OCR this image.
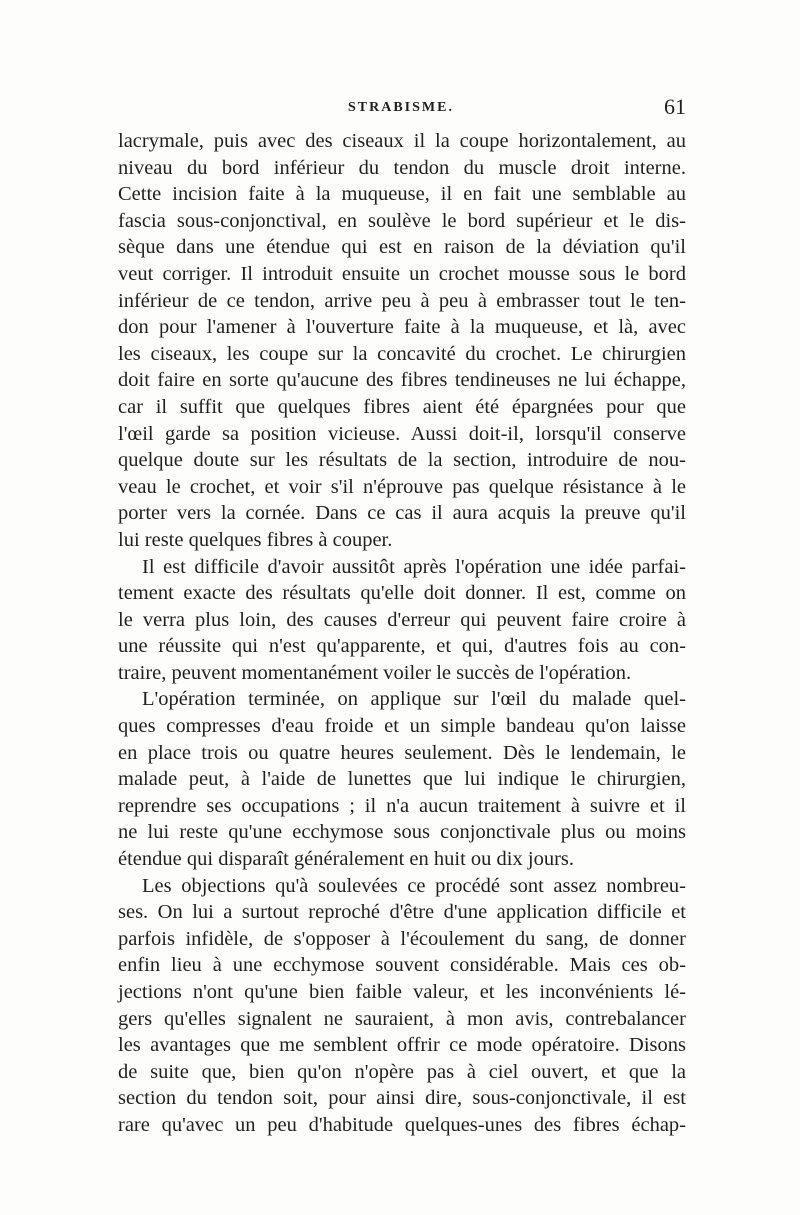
STRABISME.	61
lacrymale, puis avec des ciseaux il la coupe horizontalement, au
niveau du bord inférieur du tendon du muscle droit interne.
Cette incision faite à la muqueuse, il en fait une semblable au
fascia sous-conjonctival, en soulève le bord supérieur et le dis-
sèque dans une étendue qui est en raison de la déviation qu'il
veut corriger. Il introduit ensuite un crochet mousse sous le bord
inférieur de ce tendon, arrive peu à peu à embrasser tout le ten-
don pour l'amener à l'ouverture faite à la muqueuse, et là, avec
les ciseaux, les coupe sur la concavité du crochet. Le chirurgien
doit faire en sorte qu'aucune des fibres tendineuses ne lui échappe,
car il suffit que quelques fibres aient été épargnées pour que
l'œil garde sa position vicieuse. Aussi doit-il, lorsqu'il conserve
quelque doute sur les résultats de la section, introduire de nou-
veau le crochet, et voir s'il n'éprouve pas quelque résistance à le
porter vers la cornée. Dans ce cas il aura acquis la preuve qu'il
lui reste quelques fibres à couper.
Il est difficile d'avoir aussitôt après l'opération une idée parfai-
tement exacte des résultats qu'elle doit donner. Il est, comme on
le verra plus loin, des causes d'erreur qui peuvent faire croire à
une réussite qui n'est qu'apparente, et qui, d'autres fois au con-
traire, peuvent momentanément voiler le succès de l'opération.
L'opération terminée, on applique sur l'œil du malade quel-
ques compresses d'eau froide et un simple bandeau qu'on laisse
en place trois ou quatre heures seulement. Dès le lendemain, le
malade peut, à l'aide de lunettes que lui indique le chirurgien,
reprendre ses occupations ; il n'a aucun traitement à suivre et il
ne lui reste qu'une ecchymose sous conjonctivale plus ou moins
étendue qui disparaît généralement en huit ou dix jours.
Les objections qu'à soulevées ce procédé sont assez nombreu-
ses. On lui a surtout reproché d'être d'une application difficile et
parfois infidèle, de s'opposer à l'écoulement du sang, de donner
enfin lieu à une ecchymose souvent considérable. Mais ces ob-
jections n'ont qu'une bien faible valeur, et les inconvénients lé-
gers qu'elles signalent ne sauraient, à mon avis, contrebalancer
les avantages que me semblent offrir ce mode opératoire. Disons
de suite que, bien qu'on n'opère pas à ciel ouvert, et que la
section du tendon soit, pour ainsi dire, sous-conjonctivale, il est
rare qu'avec un peu d'habitude quelques-unes des fibres échap-
